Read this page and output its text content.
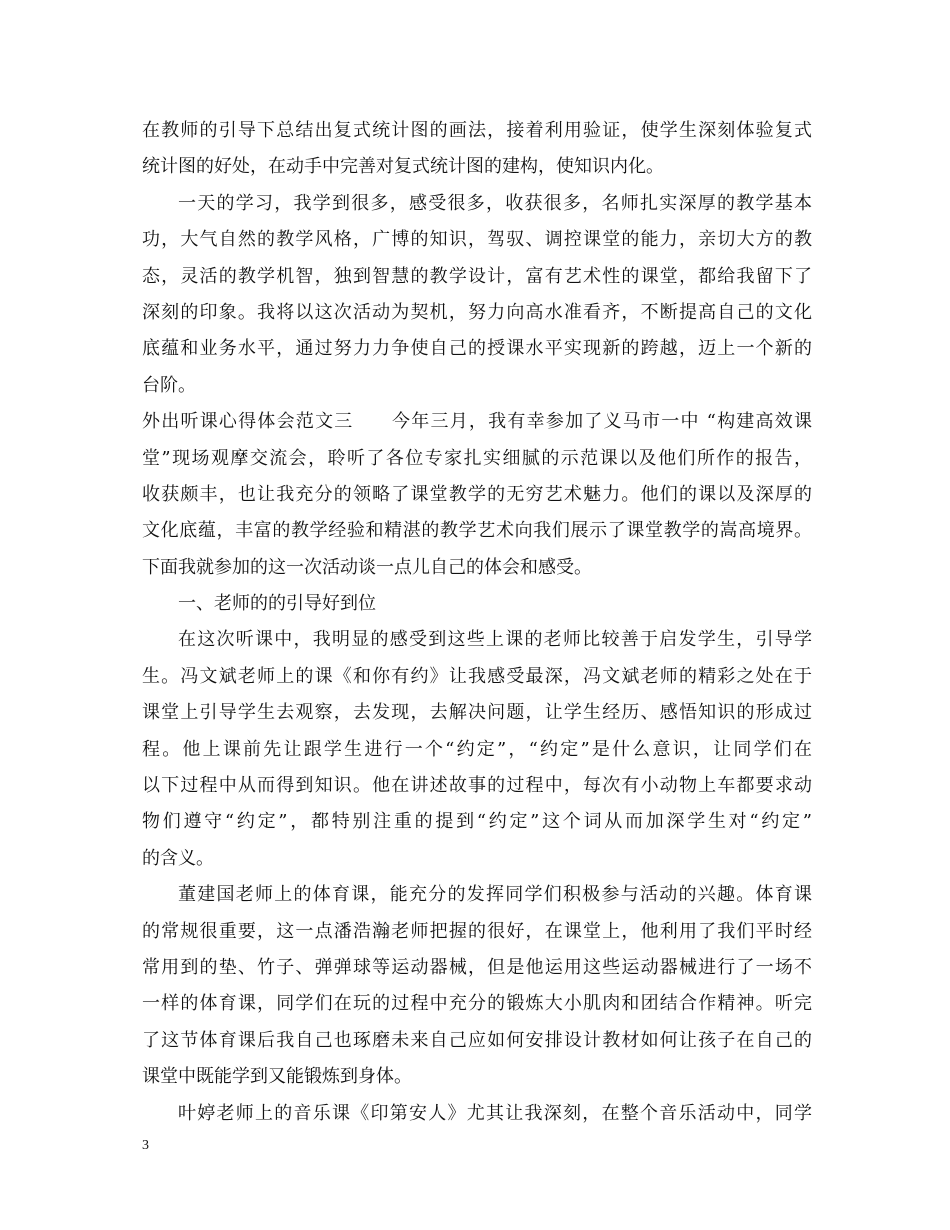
在教师的引导下总结出复式统计图的画法，接着利用验证，使学生深刻体验复式
统计图的好处，在动手中完善对复式统计图的建构，使知识内化。
一天的学习，我学到很多，感受很多，收获很多，名师扎实深厚的教学基本
功，大气自然的教学风格，广博的知识，驾驭、调控课堂的能力，亲切大方的教
态，灵活的教学机智，独到智慧的教学设计，富有艺术性的课堂，都给我留下了
深刻的印象。我将以这次活动为契机，努力向高水准看齐，不断提高自己的文化
底蕴和业务水平，通过努力力争使自己的授课水平实现新的跨越，迈上一个新的
台阶。
外出听课心得体会范文三　　今年三月，我有幸参加了义马市一中 “构建高效课
堂”现场观摩交流会，聆听了各位专家扎实细腻的示范课以及他们所作的报告，
收获颇丰，也让我充分的领略了课堂教学的无穷艺术魅力。他们的课以及深厚的
文化底蕴，丰富的教学经验和精湛的教学艺术向我们展示了课堂教学的嵩高境界。
下面我就参加的这一次活动谈一点儿自己的体会和感受。
一、老师的的引导好到位
在这次听课中，我明显的感受到这些上课的老师比较善于启发学生，引导学
生。冯文斌老师上的课《和你有约》让我感受最深，冯文斌老师的精彩之处在于
课堂上引导学生去观察，去发现，去解决问题，让学生经历、感悟知识的形成过
程。他上课前先让跟学生进行一个“约定”，“约定”是什么意识，让同学们在
以下过程中从而得到知识。他在讲述故事的过程中，每次有小动物上车都要求动
物们遵守“约定”，都特别注重的提到“约定”这个词从而加深学生对“约定”
的含义。
董建国老师上的体育课，能充分的发挥同学们积极参与活动的兴趣。体育课
的常规很重要，这一点潘浩瀚老师把握的很好，在课堂上，他利用了我们平时经
常用到的垫、竹子、弹弹球等运动器械，但是他运用这些运动器械进行了一场不
一样的体育课，同学们在玩的过程中充分的锻炼大小肌肉和团结合作精神。听完
了这节体育课后我自己也琢磨未来自己应如何安排设计教材如何让孩子在自己的
课堂中既能学到又能锻炼到身体。
叶婷老师上的音乐课《印第安人》尤其让我深刻，在整个音乐活动中，同学
3
